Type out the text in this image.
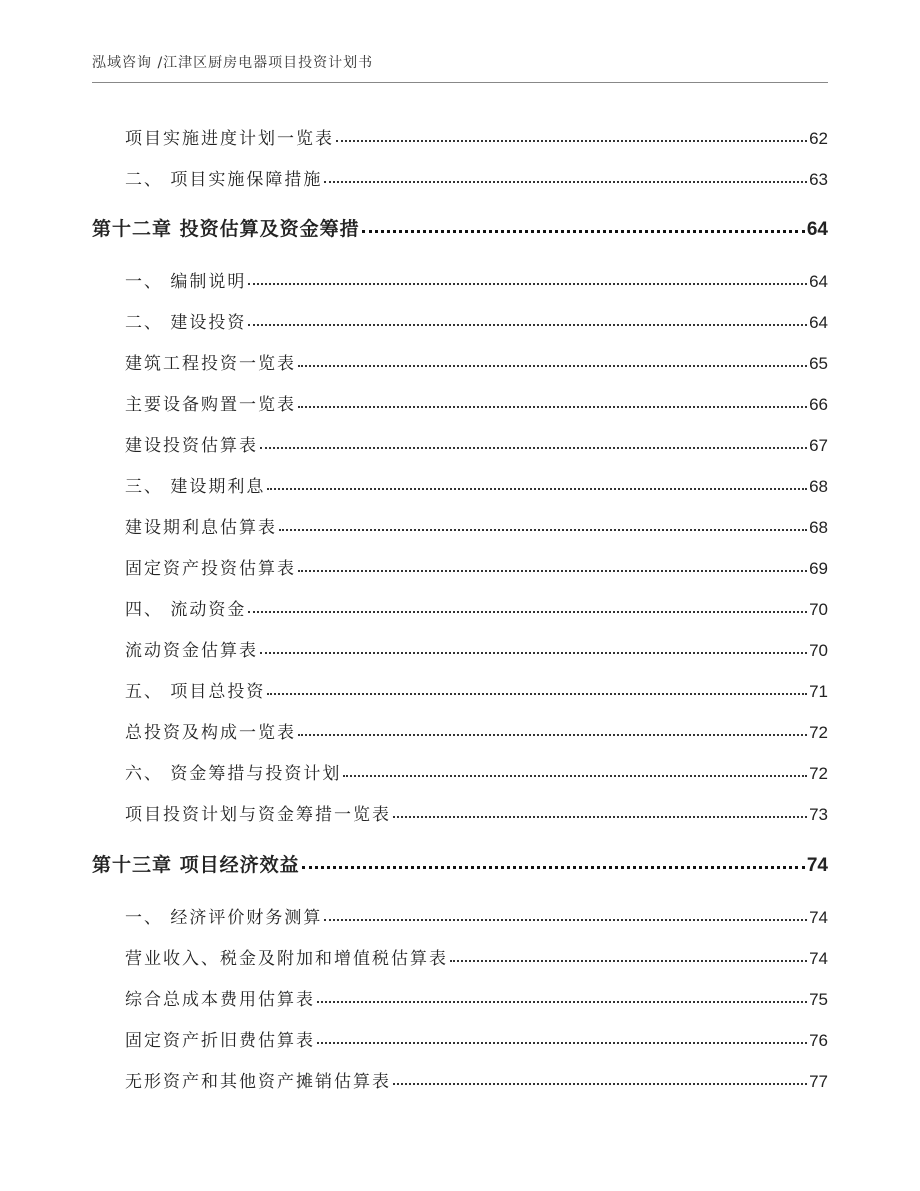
泓域咨询 /江津区厨房电器项目投资计划书
项目实施进度计划一览表	62
二、 项目实施保障措施	63
第十二章 投资估算及资金筹措	64
一、 编制说明	64
二、 建设投资	64
建筑工程投资一览表	65
主要设备购置一览表	66
建设投资估算表	67
三、 建设期利息	68
建设期利息估算表	68
固定资产投资估算表	69
四、 流动资金	70
流动资金估算表	70
五、 项目总投资	71
总投资及构成一览表	72
六、 资金筹措与投资计划	72
项目投资计划与资金筹措一览表	73
第十三章 项目经济效益	74
一、 经济评价财务测算	74
营业收入、税金及附加和增值税估算表	74
综合总成本费用估算表	75
固定资产折旧费估算表	76
无形资产和其他资产摊销估算表	77
